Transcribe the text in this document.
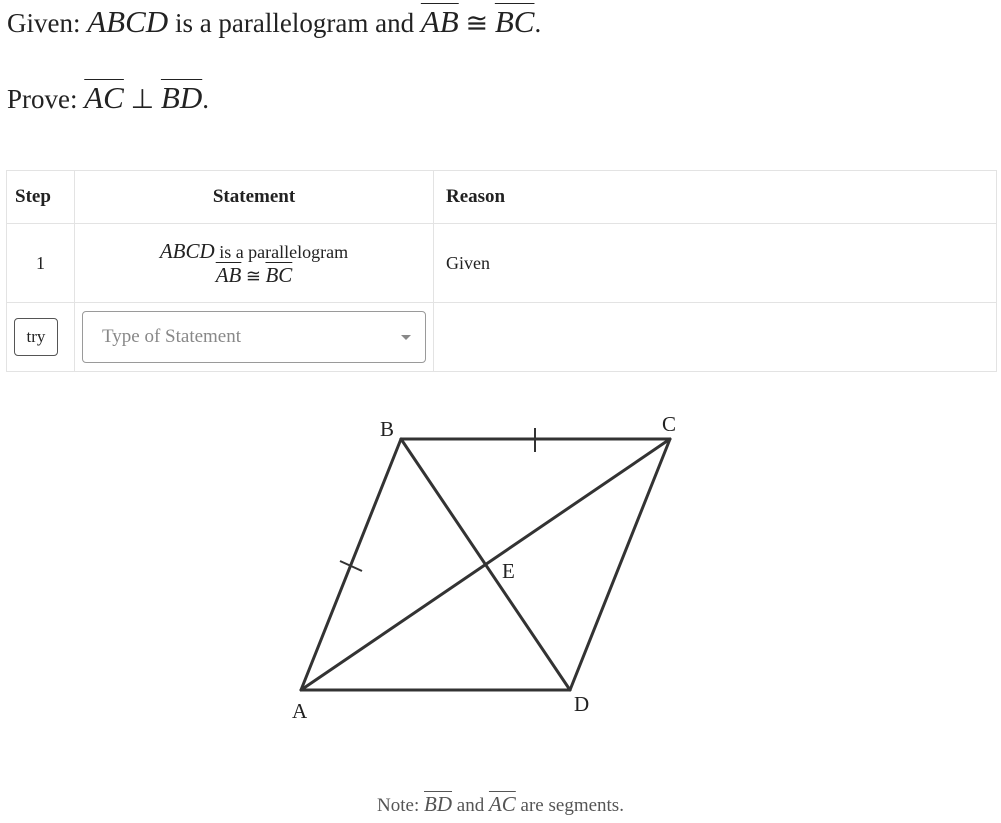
Given: ABCD is a parallelogram and $\overline{AB}$ ≅ $\overline{BC}$.
Prove: $\overline{AC}$ ⊥ $\overline{BD}$.
Step	Statement	Reason
1	ABCD is a parallelogram
$\overline{AB}$ ≅ $\overline{BC}$	Given
try	Type of Statement	

B	C
E
A	D
Note: $\overline{BD}$ and $\overline{AC}$ are segments.
